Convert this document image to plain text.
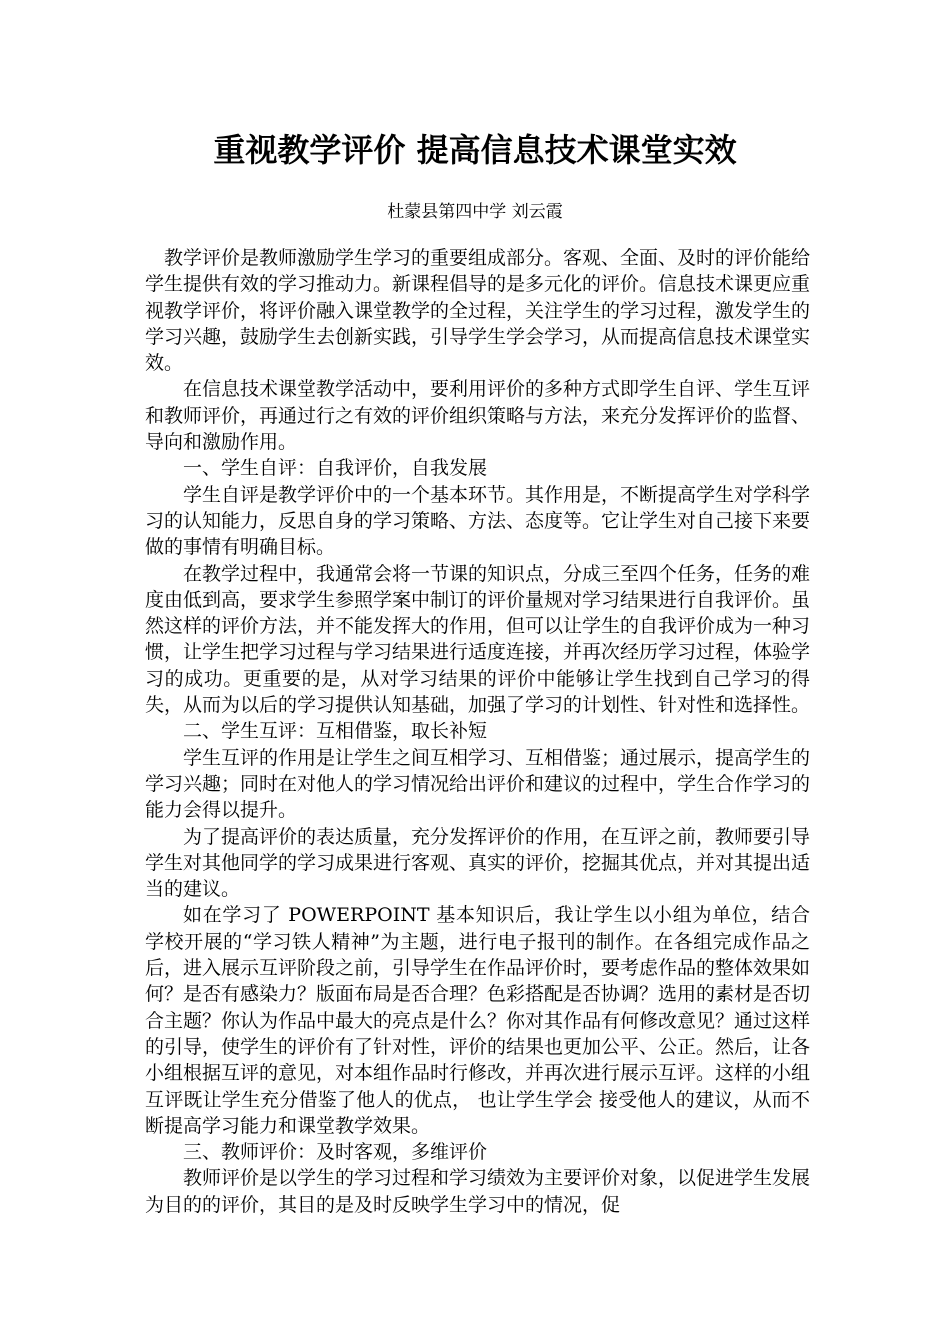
重视教学评价 提高信息技术课堂实效
杜蒙县第四中学 刘云霞

教学评价是教师激励学生学习的重要组成部分。客观、全面、及时的评价能给学生提供有效的学习推动力。新课程倡导的是多元化的评价。信息技术课更应重视教学评价，将评价融入课堂教学的全过程，关注学生的学习过程，激发学生的学习兴趣，鼓励学生去创新实践，引导学生学会学习，从而提高信息技术课堂实效。

在信息技术课堂教学活动中，要利用评价的多种方式即学生自评、学生互评和教师评价，再通过行之有效的评价组织策略与方法，来充分发挥评价的监督、导向和激励作用。

一、学生自评：自我评价，自我发展

学生自评是教学评价中的一个基本环节。其作用是，不断提高学生对学科学习的认知能力，反思自身的学习策略、方法、态度等。它让学生对自己接下来要做的事情有明确目标。

在教学过程中，我通常会将一节课的知识点，分成三至四个任务，任务的难度由低到高，要求学生参照学案中制订的评价量规对学习结果进行自我评价。虽然这样的评价方法，并不能发挥大的作用，但可以让学生的自我评价成为一种习惯，让学生把学习过程与学习结果进行适度连接，并再次经历学习过程，体验学习的成功。更重要的是，从对学习结果的评价中能够让学生找到自己学习的得失，从而为以后的学习提供认知基础，加强了学习的计划性、针对性和选择性。

二、学生互评：互相借鉴，取长补短

学生互评的作用是让学生之间互相学习、互相借鉴；通过展示，提高学生的学习兴趣；同时在对他人的学习情况给出评价和建议的过程中，学生合作学习的能力会得以提升。

为了提高评价的表达质量，充分发挥评价的作用，在互评之前，教师要引导学生对其他同学的学习成果进行客观、真实的评价，挖掘其优点，并对其提出适当的建议。

如在学习了 POWERPOINT 基本知识后，我让学生以小组为单位，结合学校开展的“学习铁人精神”为主题，进行电子报刊的制作。在各组完成作品之后，进入展示互评阶段之前，引导学生在作品评价时，要考虑作品的整体效果如何？是否有感染力？版面布局是否合理？色彩搭配是否协调？选用的素材是否切合主题？你认为作品中最大的亮点是什么？你对其作品有何修改意见？通过这样的引导，使学生的评价有了针对性，评价的结果也更加公平、公正。然后，让各小组根据互评的意见，对本组作品时行修改，并再次进行展示互评。这样的小组互评既让学生充分借鉴了他人的优点， 也让学生学会 接受他人的建议，从而不断提高学习能力和课堂教学效果。

三、教师评价：及时客观，多维评价

教师评价是以学生的学习过程和学习绩效为主要评价对象，以促进学生发展为目的的评价，其目的是及时反映学生学习中的情况，促
